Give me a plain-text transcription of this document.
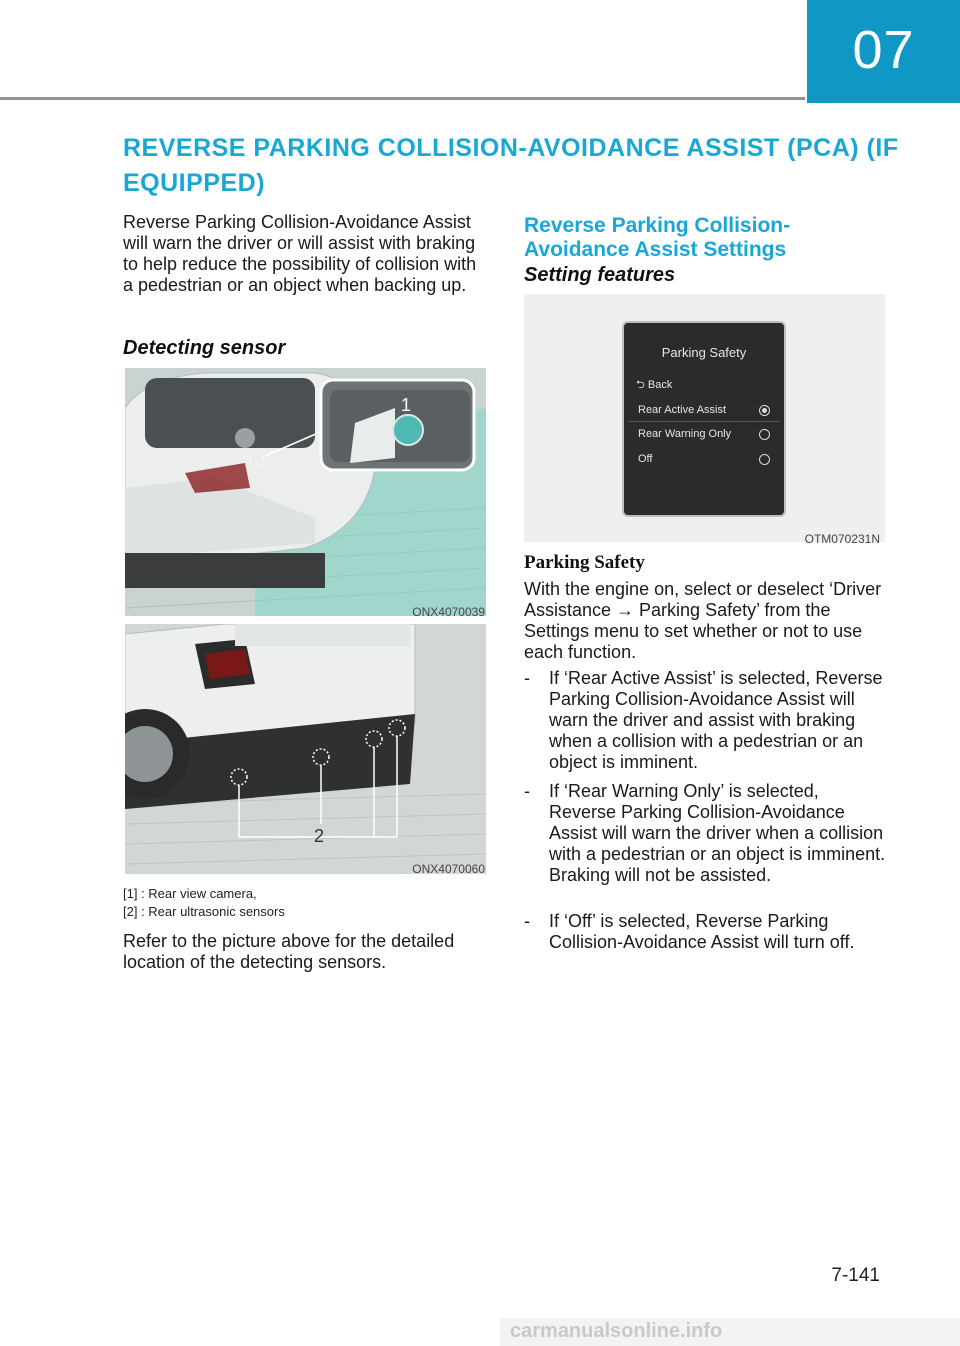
07
REVERSE PARKING COLLISION-AVOIDANCE ASSIST (PCA) (IF EQUIPPED)
Reverse Parking Collision-Avoidance Assist will warn the driver or will assist with braking to help reduce the possibility of collision with a pedestrian or an object when backing up.
Detecting sensor
1
ONX4070039
2
ONX4070060
[1] : Rear view camera,
[2] : Rear ultrasonic sensors
Refer to the picture above for the detailed location of the detecting sensors.
Reverse Parking Collision-Avoidance Assist Settings
Setting features
Parking Safety
⮌ Back
Rear Active Assist
Rear Warning Only
Off
OTM070231N
Parking Safety
With the engine on, select or deselect ‘Driver Assistance → Parking Safety’ from the Settings menu to set whether or not to use each function.
- If ‘Rear Active Assist’ is selected, Reverse Parking Collision-Avoidance Assist will warn the driver and assist with braking when a collision with a pedestrian or an object is imminent.
- If ‘Rear Warning Only’ is selected, Reverse Parking Collision-Avoidance Assist will warn the driver when a collision with a pedestrian or an object is imminent. Braking will not be assisted.
- If ‘Off’ is selected, Reverse Parking Collision-Avoidance Assist will turn off.
7-141
carmanualsonline.info
